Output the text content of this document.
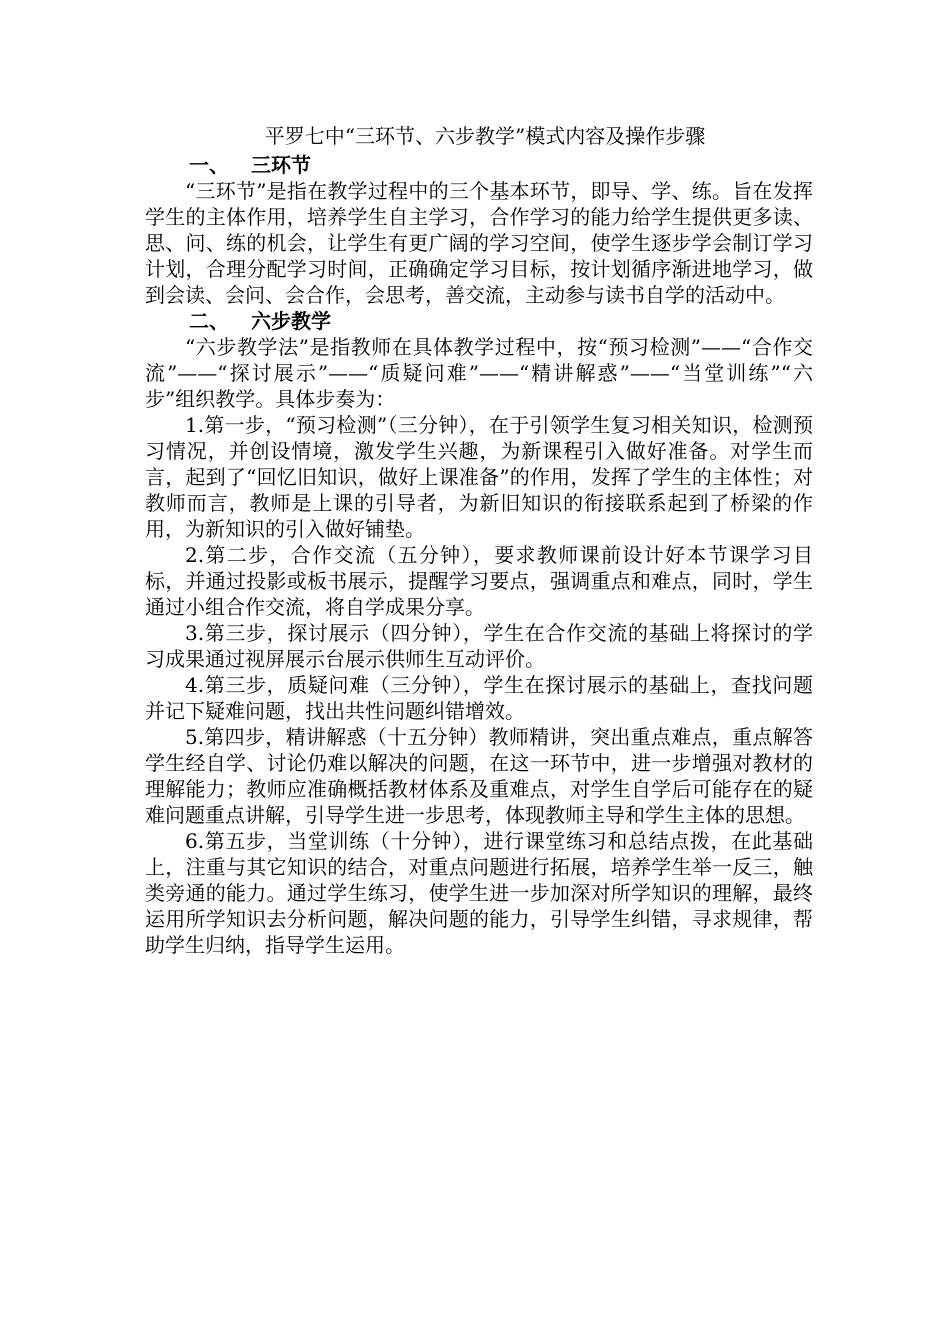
平罗七中“三环节、六步教学”模式内容及操作步骤

一、 三环节

“三环节”是指在教学过程中的三个基本环节，即导、学、练。旨在发挥学生的主体作用，培养学生自主学习，合作学习的能力给学生提供更多读、思、问、练的机会，让学生有更广阔的学习空间，使学生逐步学会制订学习计划，合理分配学习时间，正确确定学习目标，按计划循序渐进地学习，做到会读、会问、会合作，会思考，善交流，主动参与读书自学的活动中。

二、 六步教学

“六步教学法”是指教师在具体教学过程中，按“预习检测”——“合作交流”——“探讨展示”——“质疑问难”——“精讲解惑”——“当堂训练”“六步”组织教学。具体步奏为：

1.第一步，“预习检测”（三分钟），在于引领学生复习相关知识，检测预习情况，并创设情境，激发学生兴趣，为新课程引入做好准备。对学生而言，起到了“回忆旧知识，做好上课准备”的作用，发挥了学生的主体性；对教师而言，教师是上课的引导者，为新旧知识的衔接联系起到了桥梁的作用，为新知识的引入做好铺垫。

2.第二步，合作交流（五分钟），要求教师课前设计好本节课学习目标，并通过投影或板书展示，提醒学习要点，强调重点和难点，同时，学生通过小组合作交流，将自学成果分享。

3.第三步，探讨展示（四分钟），学生在合作交流的基础上将探讨的学习成果通过视屏展示台展示供师生互动评价。

4.第三步，质疑问难（三分钟），学生在探讨展示的基础上，查找问题并记下疑难问题，找出共性问题纠错增效。

5.第四步，精讲解惑（十五分钟）教师精讲，突出重点难点，重点解答学生经自学、讨论仍难以解决的问题，在这一环节中，进一步增强对教材的理解能力；教师应准确概括教材体系及重难点，对学生自学后可能存在的疑难问题重点讲解，引导学生进一步思考，体现教师主导和学生主体的思想。

6.第五步，当堂训练（十分钟），进行课堂练习和总结点拨，在此基础上，注重与其它知识的结合，对重点问题进行拓展，培养学生举一反三，触类旁通的能力。通过学生练习，使学生进一步加深对所学知识的理解，最终运用所学知识去分析问题，解决问题的能力，引导学生纠错，寻求规律，帮助学生归纳，指导学生运用。
